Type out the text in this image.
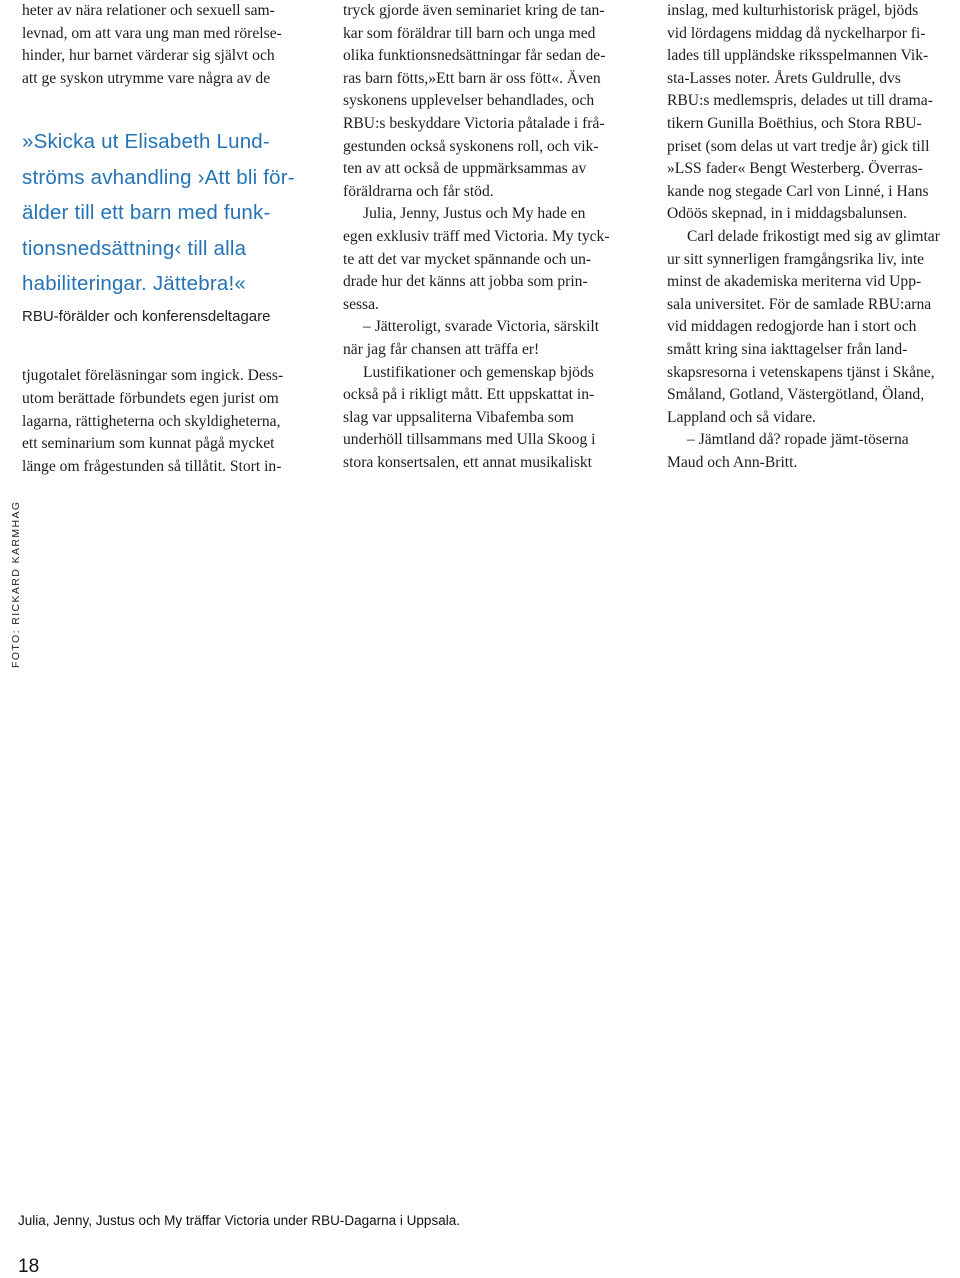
heter av nära relationer och sexuell sam-
levnad, om att vara ung man med rörelse-
hinder, hur barnet värderar sig självt och
att ge syskon utrymme vare några av de

»Skicka ut Elisabeth Lund-
ströms avhandling ›Att bli för-
älder till ett barn med funk-
tionsnedsättning‹ till alla
habiliteringar. Jättebra!«
RBU-förälder och konferensdeltagare

tjugotalet föreläsningar som ingick. Dess-
utom berättade förbundets egen jurist om
lagarna, rättigheterna och skyldigheterna,
ett seminarium som kunnat pågå mycket
länge om frågestunden så tillåtit. Stort in-

tryck gjorde även seminariet kring de tan-
kar som föräldrar till barn och unga med
olika funktionsnedsättningar får sedan de-
ras barn fötts,»Ett barn är oss fött«. Även
syskonens upplevelser behandlades, och
RBU:s beskyddare Victoria påtalade i frå-
gestunden också syskonens roll, och vik-
ten av att också de uppmärksammas av
föräldrarna och får stöd.

Julia, Jenny, Justus och My hade en
egen exklusiv träff med Victoria. My tyck-
te att det var mycket spännande och un-
drade hur det känns att jobba som prin-
sessa.

– Jätteroligt, svarade Victoria, särskilt
när jag får chansen att träffa er!

Lustifikationer och gemenskap bjöds
också på i rikligt mått. Ett uppskattat in-
slag var uppsaliterna Vibafemba som
underhöll tillsammans med Ulla Skoog i
stora konsertsalen, ett annat musikaliskt

inslag, med kulturhistorisk prägel, bjöds
vid lördagens middag då nyckelharpor fi-
lades till uppländske riksspelmannen Vik-
sta-Lasses noter. Årets Guldrulle, dvs
RBU:s medlemspris, delades ut till drama-
tikern Gunilla Boëthius, och Stora RBU-
priset (som delas ut vart tredje år) gick till
»LSS fader« Bengt Westerberg. Överras-
kande nog stegade Carl von Linné, i Hans
Odöös skepnad, in i middagsbalunsen.

Carl delade frikostigt med sig av glimtar
ur sitt synnerligen framgångsrika liv, inte
minst de akademiska meriterna vid Upp-
sala universitet. För de samlade RBU:arna
vid middagen redogjorde han i stort och
smått kring sina iakttagelser från land-
skapsresorna i vetenskapens tjänst i Skåne,
Småland, Gotland, Västergötland, Öland,
Lappland och så vidare.

– Jämtland då? ropade jämt-töserna
Maud och Ann-Britt.

FOTO: RICKARD KARMHAG
Julia, Jenny, Justus och My träffar Victoria under RBU-Dagarna i Uppsala.
18
